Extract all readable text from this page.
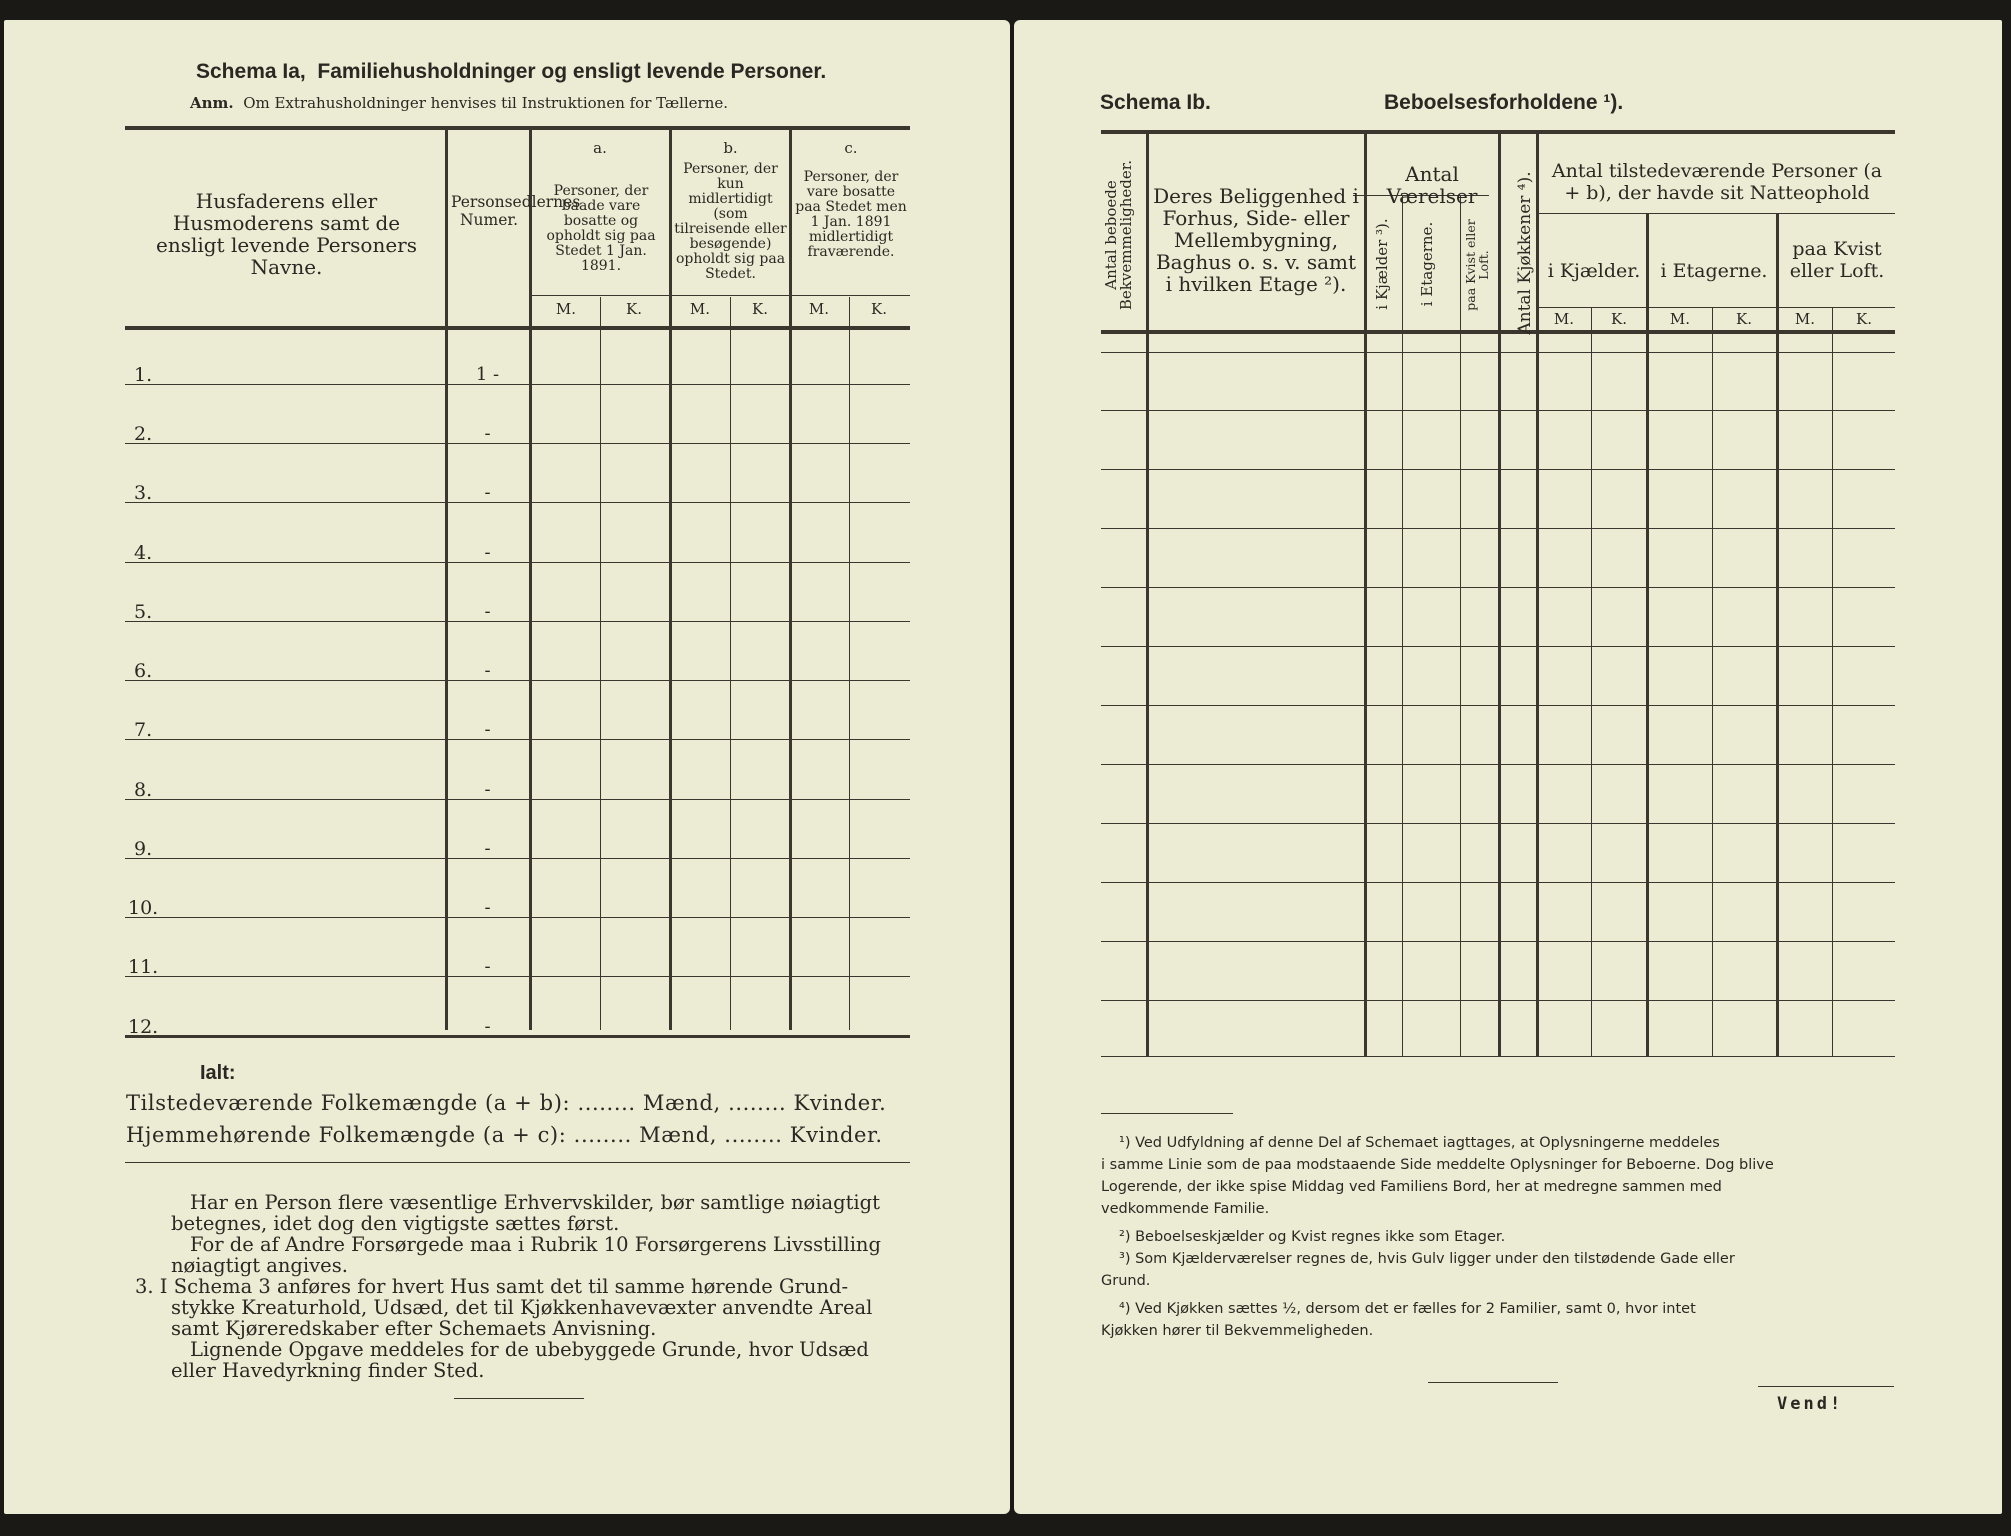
Schema Ia, Familiehusholdninger og ensligt levende Personer.
Anm. Om Extrahusholdninger henvises til Instruktionen for Tællerne.
Husfaderens eller Husmoderens samt de ensligt levende Personers Navne.
Personsedlernes Numer.
a.
Personer, der baade vare bosatte og opholdt sig paa Stedet 1 Jan. 1891.
b.
Personer, der kun midlertidigt (som tilreisende eller besøgende) opholdt sig paa Stedet.
c.
Personer, der vare bosatte paa Stedet men 1 Jan. 1891 midlertidigt fraværende.
M.	K.	M.	K.	M.	K.
1.	1 -
2.	-
3.	-
4.	-
5.	-
6.	-
7.	-
8.	-
9.	-
10.	-
11.	-
12.	-
Ialt:
Tilstedeværende Folkemængde (a + b): ........ Mænd, ........ Kvinder.
Hjemmehørende Folkemængde (a + c): ........ Mænd, ........ Kvinder.
Har en Person flere væsentlige Erhvervskilder, bør samtlige nøiagtigt
betegnes, idet dog den vigtigste sættes først.
For de af Andre Forsørgede maa i Rubrik 10 Forsørgerens Livsstilling
nøiagtigt angives.
3. I Schema 3 anføres for hvert Hus samt det til samme hørende Grund-
stykke Kreaturhold, Udsæd, det til Kjøkkenhavevæxter anvendte Areal
samt Kjøreredskaber efter Schemaets Anvisning.
Lignende Opgave meddeles for de ubebyggede Grunde, hvor Udsæd
eller Havedyrkning finder Sted.
Schema Ib.	Beboelsesforholdene ¹).
Antal beboede Bekvemmeligheder. Deres Beliggenhed i Forhus, Side- eller Mellembygning, Baghus o. s. v. samt i hvilken Etage ²).
Antal Værelser
i Kjælder ³).	i Etagerne.	paa Kvist eller Loft.	Antal Kjøkkener ⁴).
Antal tilstedeværende Personer (a + b), der havde sit Natteophold
i Kjælder.	i Etagerne.
paa Kvist eller Loft.
M.	K.	M.	K.	M.	K.
¹) Ved Udfyldning af denne Del af Schemaet iagttages, at Oplysningerne meddeles
i samme Linie som de paa modstaaende Side meddelte Oplysninger for Beboerne. Dog blive
Logerende, der ikke spise Middag ved Familiens Bord, her at medregne sammen med
vedkommende Familie.
²) Beboelseskjælder og Kvist regnes ikke som Etager.
³) Som Kjælderværelser regnes de, hvis Gulv ligger under den tilstødende Gade eller
Grund.
⁴) Ved Kjøkken sættes ½, dersom det er fælles for 2 Familier, samt 0, hvor intet
Kjøkken hører til Bekvemmeligheden.
Vend!
